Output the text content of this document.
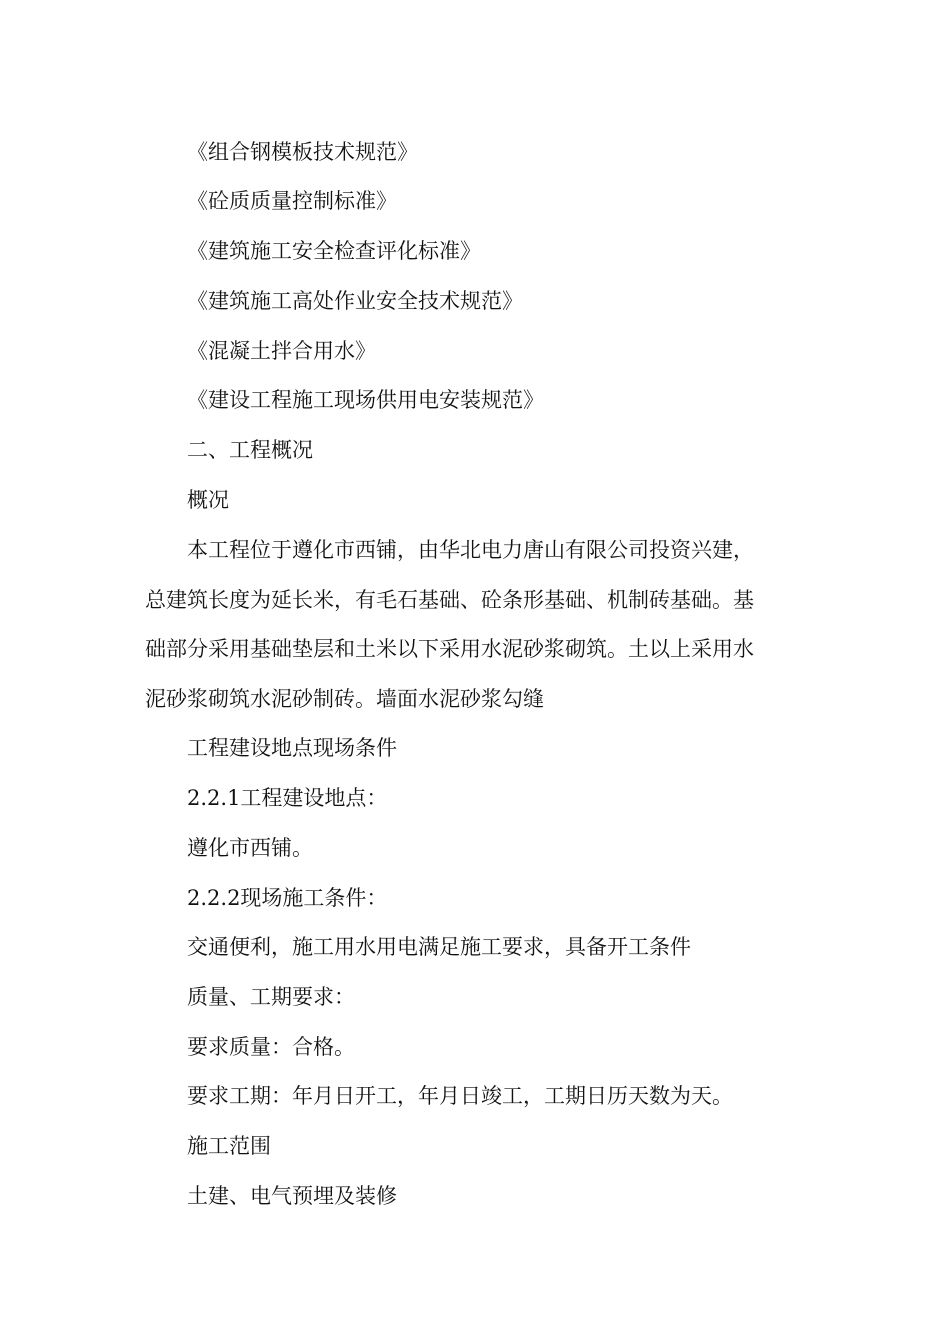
《组合钢模板技术规范》

《砼质质量控制标准》

《建筑施工安全检查评化标准》

《建筑施工高处作业安全技术规范》

《混凝土拌合用水》

《建设工程施工现场供用电安装规范》

二、工程概况

概况

本工程位于遵化市西铺，由华北电力唐山有限公司投资兴建，

总建筑长度为延长米，有毛石基础、砼条形基础、机制砖基础。基

础部分采用基础垫层和土米以下采用水泥砂浆砌筑。土以上采用水

泥砂浆砌筑水泥砂制砖。墙面水泥砂浆勾缝

工程建设地点现场条件

2.2.1工程建设地点：

遵化市西铺。

2.2.2现场施工条件：

交通便利，施工用水用电满足施工要求，具备开工条件

质量、工期要求：

要求质量：合格。

要求工期：年月日开工，年月日竣工，工期日历天数为天。

施工范围

土建、电气预埋及装修
